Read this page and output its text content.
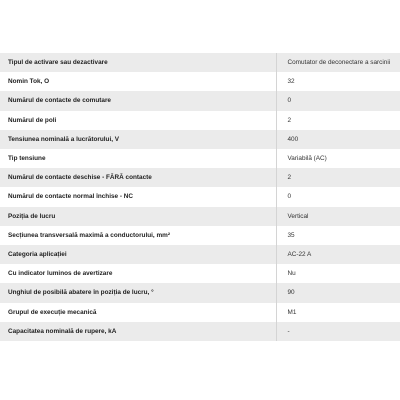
Tipul de activare sau dezactivare	Comutator de deconectare a sarcinii
Nomin Tok, O	32
Numărul de contacte de comutare	0
Numărul de poli	2
Tensiunea nominală a lucrătorului, V	400
Tip tensiune	Variabilă (AC)
Numărul de contacte deschise - FĂRĂ contacte	2
Numărul de contacte normal închise - NC	0
Poziția de lucru	Vertical
Secțiunea transversală maximă a conductorului, mm²	35
Categoria aplicației	AC-22 A
Cu indicator luminos de avertizare	Nu
Unghiul de posibilă abatere în poziția de lucru, °	90
Grupul de execuție mecanică	M1
Capacitatea nominală de rupere, kA	-
